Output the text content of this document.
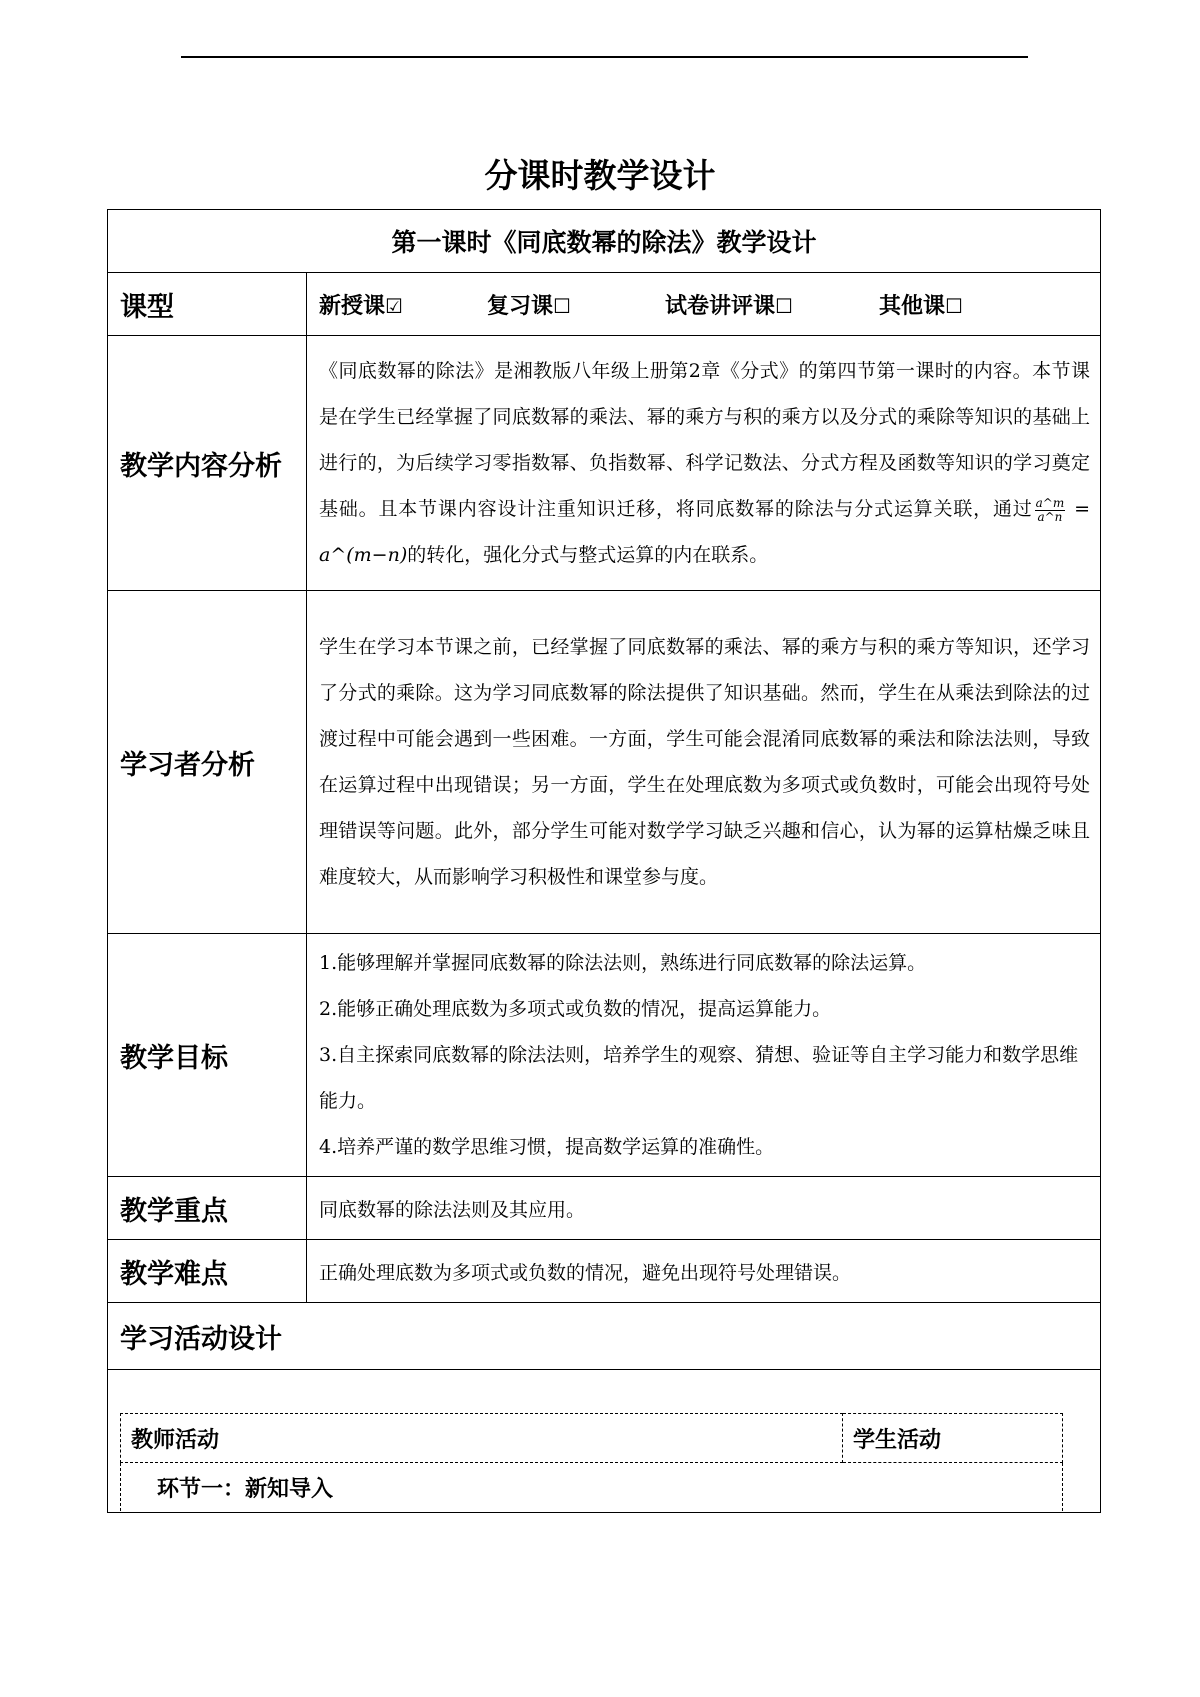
分课时教学设计
第一课时《同底数幂的除法》教学设计	
课型	新授课☑ 复习课☐ 试卷讲评课☐ 其他课☐
教学内容分析	《同底数幂的除法》是湘教版八年级上册第2章《分式》的第四节第一课时的内容。本节课是在学生已经掌握了同底数幂的乘法、幂的乘方与积的乘方以及分式的乘除等知识的基础上进行的，为后续学习零指数幂、负指数幂、科学记数法、分式方程及函数等知识的学习奠定基础。且本节课内容设计注重知识迁移，将同底数幂的除法与分式运算关联，通过 $\frac{a\^{}m}{a\^{}n}$ = a^(m−n)的转化，强化分式与整式运算的内在联系。

学习者分析	学生在学习本节课之前，已经掌握了同底数幂的乘法、幂的乘方与积的乘方等知识，还学习了分式的乘除。这为学习同底数幂的除法提供了知识基础。然而，学生在从乘法到除法的过渡过程中可能会遇到一些困难。一方面，学生可能会混淆同底数幂的乘法和除法法则，导致在运算过程中出现错误；另一方面，学生在处理底数为多项式或负数时，可能会出现符号处理错误等问题。此外，部分学生可能对数学学习缺乏兴趣和信心，认为幂的运算枯燥乏味且难度较大，从而影响学习积极性和课堂参与度。

教学目标	1.能够理解并掌握同底数幂的除法法则，熟练进行同底数幂的除法运算。

2.能够正确处理底数为多项式或负数的情况，提高运算能力。

3.自主探索同底数幂的除法法则，培养学生的观察、猜想、验证等自主学习能力和数学思维能力。

4.培养严谨的数学思维习惯，提高数学运算的准确性。

教学重点	同底数幂的除法法则及其应用。
教学难点	正确处理底数为多项式或负数的情况，避免出现符号处理错误。
学习活动设计	

教师活动	学生活动
环节一：新知导入
